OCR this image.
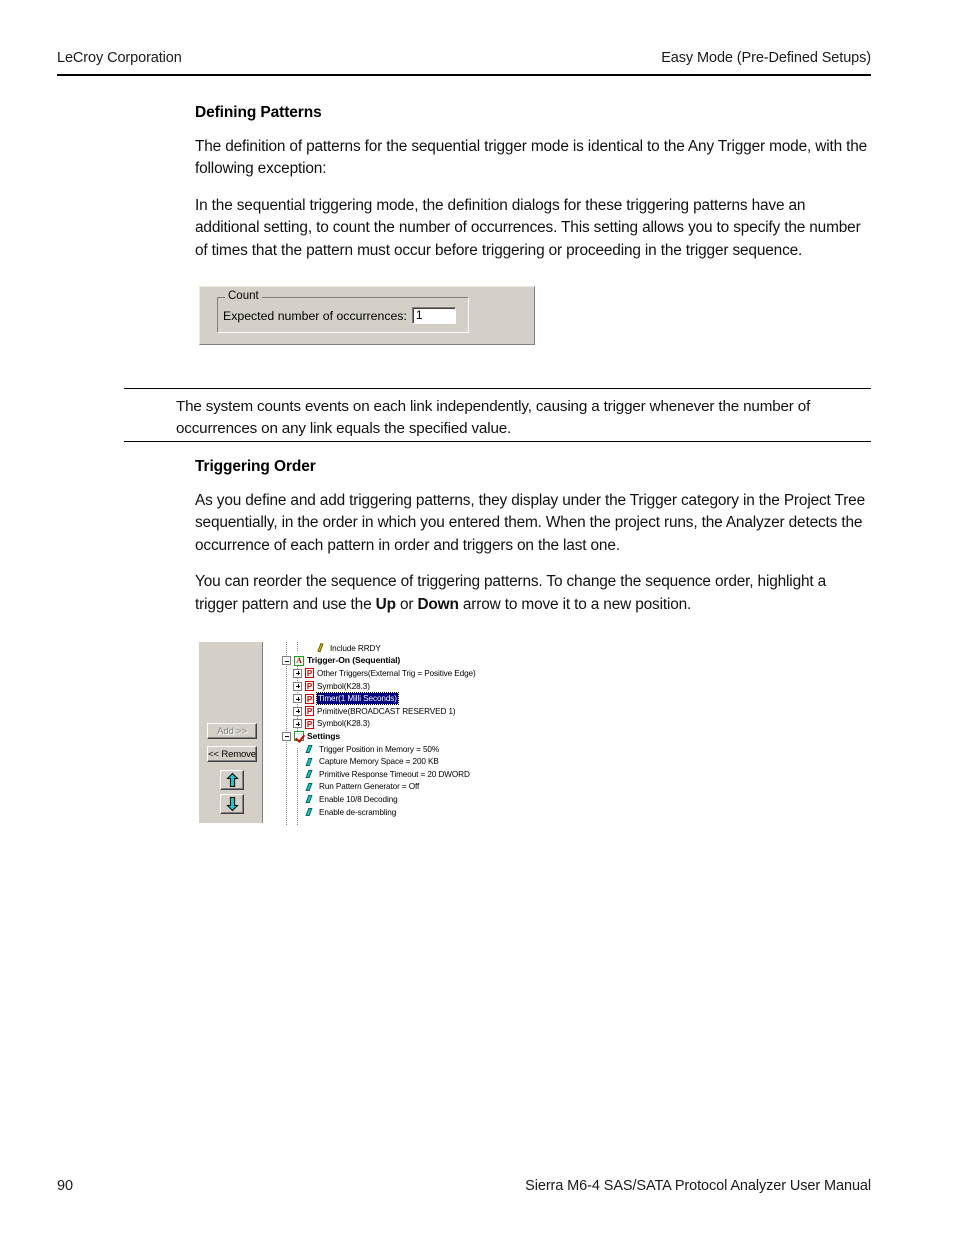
LeCroy Corporation	Easy Mode (Pre-Defined Setups)
Defining Patterns

The definition of patterns for the sequential trigger mode is identical to the Any Trigger mode, with the following exception:

In the sequential triggering mode, the definition dialogs for these triggering patterns have an additional setting, to count the number of occurrences. This setting allows you to specify the number of times that the pattern must occur before triggering or proceeding in the trigger sequence.

Count
Expected number of occurrences: 1
The system counts events on each link independently, causing a trigger whenever the number of occurrences on any link equals the specified value.
Triggering Order

As you define and add triggering patterns, they display under the Trigger category in the Project Tree sequentially, in the order in which you entered them. When the project runs, the Analyzer detects the occurrence of each pattern in order and triggers on the last one.

You can reorder the sequence of triggering patterns. To change the sequence order, highlight a trigger pattern and use the Up or Down arrow to move it to a new position.

Add >>
<< Remove
Include RRDY
A
Trigger-On (Sequential)
P
Other Triggers(External Trig = Positive Edge)
P
Symbol(K28.3)
P
Timer(1 Milli Seconds)
P
Primitive(BROADCAST RESERVED 1)
P
Symbol(K28.3)
Settings
Trigger Position in Memory = 50%
Capture Memory Space = 200 KB
Primitive Response Timeout = 20 DWORD
Run Pattern Generator = Off
Enable 10/8 Decoding
Enable de-scrambling
90	Sierra M6-4 SAS/SATA Protocol Analyzer User Manual
